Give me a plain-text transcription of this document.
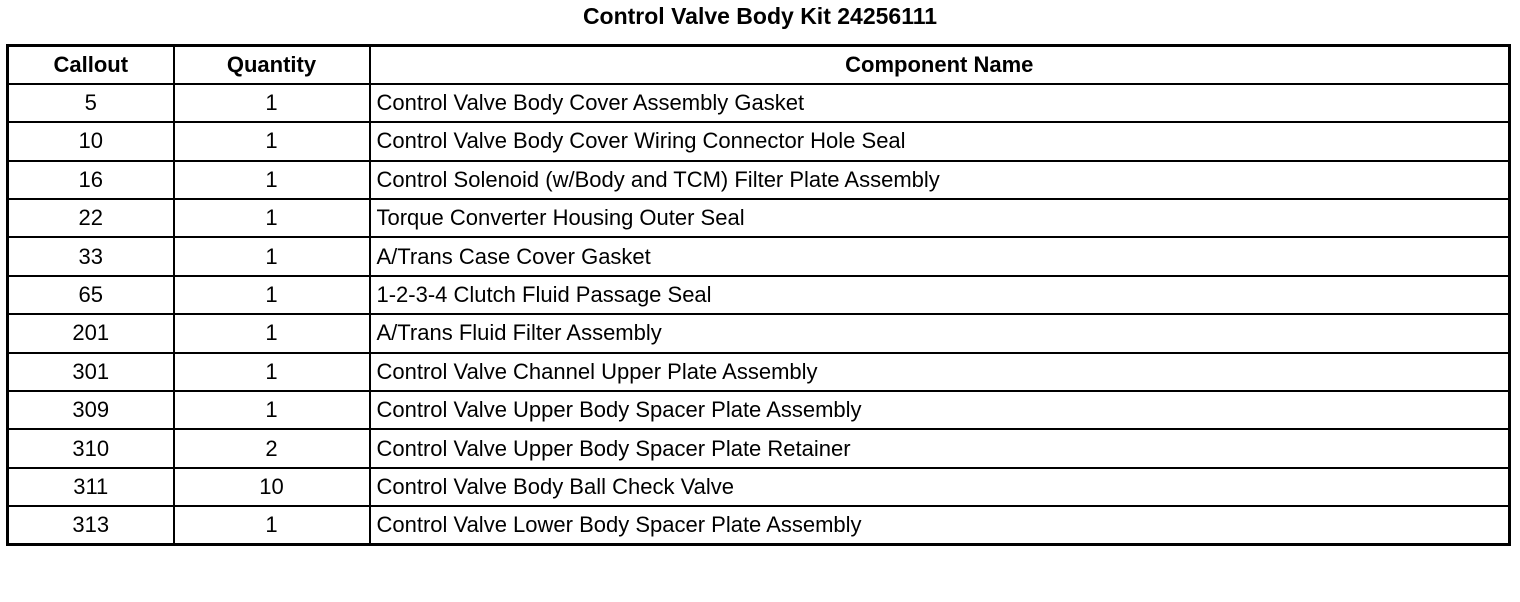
Control Valve Body Kit 24256111
Callout	Quantity	Component Name
5	1	Control Valve Body Cover Assembly Gasket
10	1	Control Valve Body Cover Wiring Connector Hole Seal
16	1	Control Solenoid (w/Body and TCM) Filter Plate Assembly
22	1	Torque Converter Housing Outer Seal
33	1	A/Trans Case Cover Gasket
65	1	1-2-3-4 Clutch Fluid Passage Seal
201	1	A/Trans Fluid Filter Assembly
301	1	Control Valve Channel Upper Plate Assembly
309	1	Control Valve Upper Body Spacer Plate Assembly
310	2	Control Valve Upper Body Spacer Plate Retainer
311	10	Control Valve Body Ball Check Valve
313	1	Control Valve Lower Body Spacer Plate Assembly
